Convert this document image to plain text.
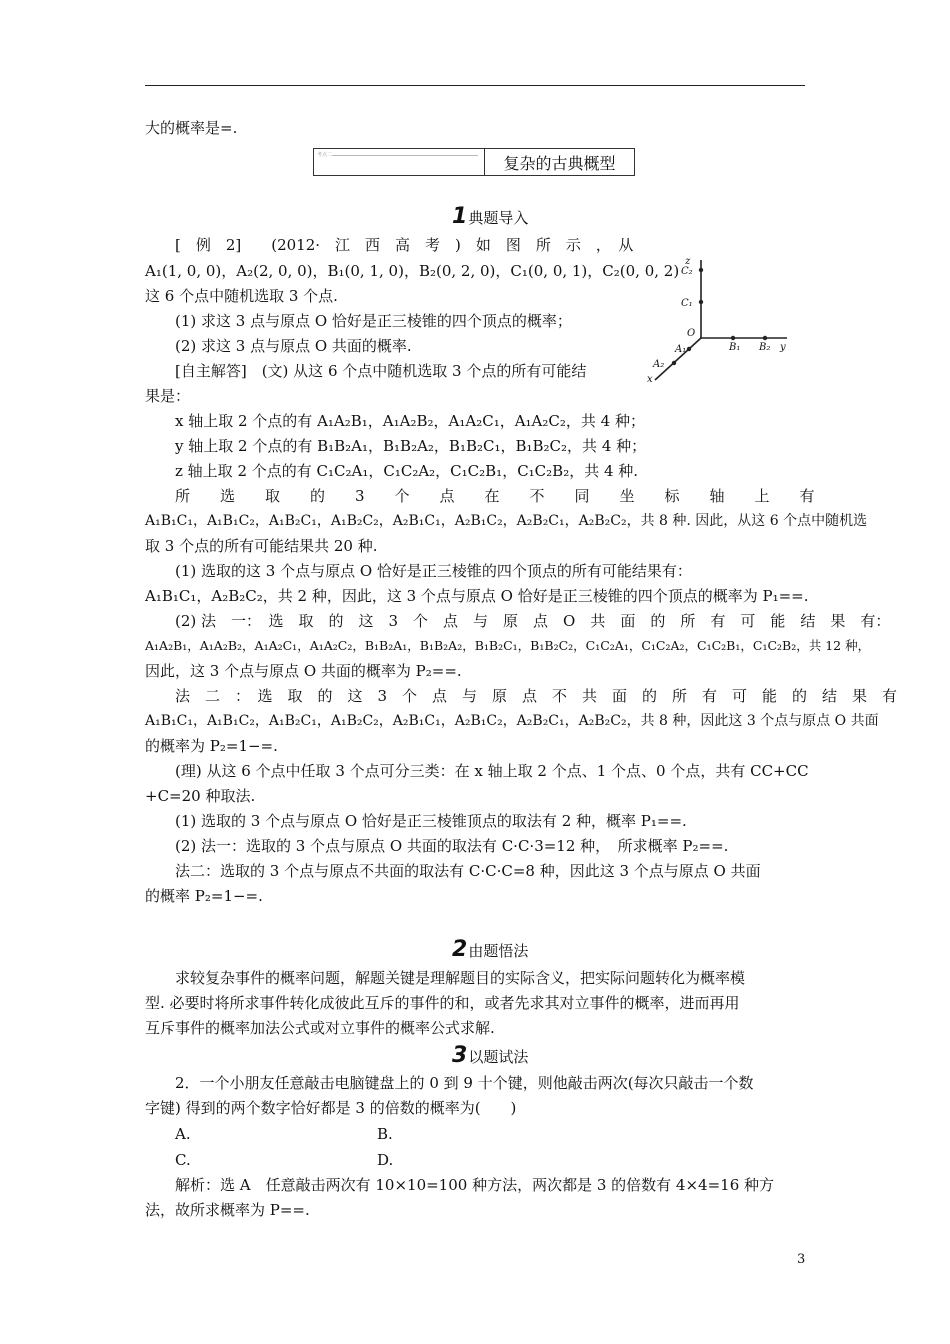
大的概率是=.
考点二	复杂的古典概型
1 典题导入
[　例　2]　　(2012·　江　西　高　考　)　如　图　所　示　，　从
A₁(1, 0, 0)，A₂(2, 0, 0)，B₁(0, 1, 0)，B₂(0, 2, 0)，C₁(0, 0, 1)，C₂(0, 0, 2)
这 6 个点中随机选取 3 个点.
(1) 求这 3 点与原点 O 恰好是正三棱锥的四个顶点的概率；
(2) 求这 3 点与原点 O 共面的概率.
[自主解答]　(文) 从这 6 个点中随机选取 3 个点的所有可能结
果是：
x 轴上取 2 个点的有 A₁A₂B₁，A₁A₂B₂，A₁A₂C₁，A₁A₂C₂，共 4 种；
y 轴上取 2 个点的有 B₁B₂A₁，B₁B₂A₂，B₁B₂C₁，B₁B₂C₂，共 4 种；
z 轴上取 2 个点的有 C₁C₂A₁，C₁C₂A₂，C₁C₂B₁，C₁C₂B₂，共 4 种.
z
C₂
C₁
O
B₁ B₂ y
A₁
A₂
x
所　　选　　取　　的　　3　　个　　点　　在　　不　　同　　坐　　标　　轴　　上　　有
A₁B₁C₁，A₁B₁C₂，A₁B₂C₁，A₁B₂C₂，A₂B₁C₁，A₂B₁C₂，A₂B₂C₁，A₂B₂C₂，共 8 种. 因此，从这 6 个点中随机选
取 3 个点的所有可能结果共 20 种.
(1) 选取的这 3 个点与原点 O 恰好是正三棱锥的四个顶点的所有可能结果有：
A₁B₁C₁，A₂B₂C₂，共 2 种，因此，这 3 个点与原点 O 恰好是正三棱锥的四个顶点的概率为 P₁==.
(2) 法　一：　选　取　的　这　3　个　点　与　原　点　O　共　面　的　所　有　可　能　结　果　有：
A₁A₂B₁，A₁A₂B₂，A₁A₂C₁，A₁A₂C₂，B₁B₂A₁，B₁B₂A₂，B₁B₂C₁，B₁B₂C₂，C₁C₂A₁，C₁C₂A₂，C₁C₂B₁，C₁C₂B₂，共 12 种，
因此，这 3 个点与原点 O 共面的概率为 P₂==.
法　二　：　选　取　的　这　3　个　点　与　原　点　不　共　面　的　所　有　可　能　的　结　果　有
A₁B₁C₁，A₁B₁C₂，A₁B₂C₁，A₁B₂C₂，A₂B₁C₁，A₂B₁C₂，A₂B₂C₁，A₂B₂C₂，共 8 种，因此这 3 个点与原点 O 共面
的概率为 P₂=1−=.
(理) 从这 6 个点中任取 3 个点可分三类：在 x 轴上取 2 个点、1 个点、0 个点，共有 CC+CC
+C=20 种取法.
(1) 选取的 3 个点与原点 O 恰好是正三棱锥顶点的取法有 2 种，概率 P₁==.
(2) 法一：选取的 3 个点与原点 O 共面的取法有 C·C·3=12 种，　所求概率 P₂==.
法二：选取的 3 个点与原点不共面的取法有 C·C·C=8 种，因此这 3 个点与原点 O 共面
的概率 P₂=1−=.
2 由题悟法
求较复杂事件的概率问题，解题关键是理解题目的实际含义，把实际问题转化为概率模
型. 必要时将所求事件转化成彼此互斥的事件的和，或者先求其对立事件的概率，进而再用
互斥事件的概率加法公式或对立事件的概率公式求解.
3 以题试法
2．一个小朋友任意敲击电脑键盘上的 0 到 9 十个键，则他敲击两次(每次只敲击一个数
字键) 得到的两个数字恰好都是 3 的倍数的概率为(　　)
A.	B.
C.	D.
解析：选 A　任意敲击两次有 10×10=100 种方法，两次都是 3 的倍数有 4×4=16 种方
法，故所求概率为 P==.
3
